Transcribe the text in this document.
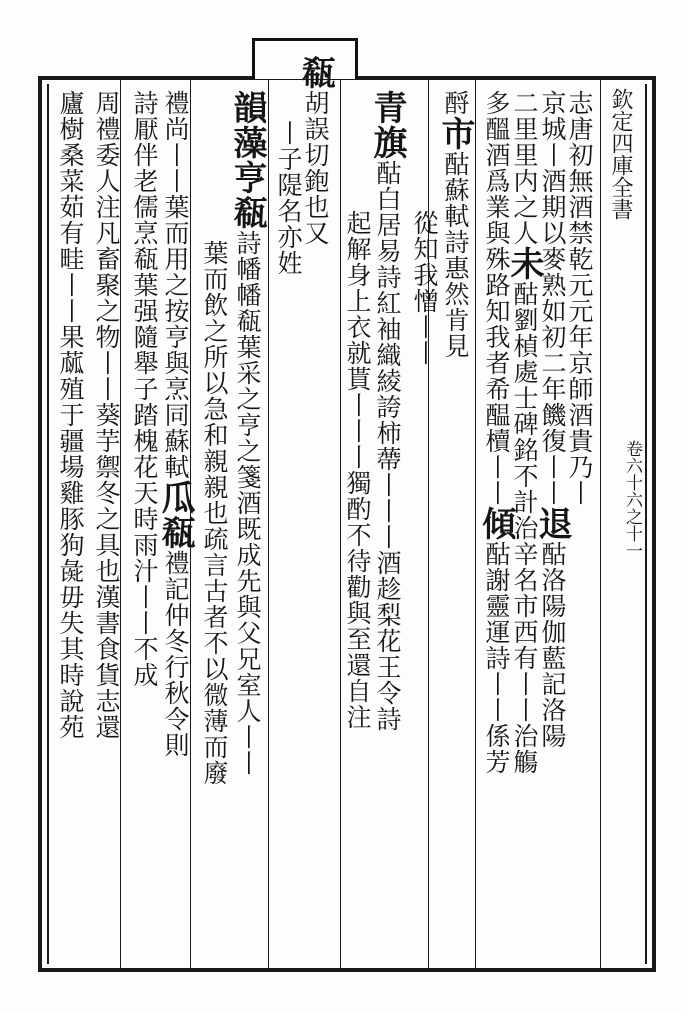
欽定四庫全書
卷六十六之十一
志唐初無酒禁乾元元年京師酒貴乃丨
京城丨酒期以麥熟如初二年饑復丨丨退酤洛陽伽藍記洛陽
二里里内之人未酤劉楨處士碑銘不計治辛名市西有丨丨治觴
多醞酒爲業與殊路知我者希醖櫝丨丨傾酤謝靈運詩丨丨係芳
酹市酤蘇軾詩惠然肯見
從知我憎丨丨
青旗酤白居易詩紅袖織綾誇柿蔕丨丨丨酒趁梨花王令詩
起解身上衣就貰丨丨丨獨酌不待勸與至還自注
瓻胡誤切鉋也又
丨子隄名亦姓
韻藻亨瓻詩幡幡瓻葉采之亨之箋酒既成先與父兄室人丨丨
葉而飲之所以急和親親也疏言古者不以微薄而廢
禮尚丨丨葉而用之按亨與烹同蘇軾瓜瓻禮記仲冬行秋令則
詩厭伴老儒烹瓻葉强隨舉子踏槐花天時雨汁丨丨不成
周禮委人注凡畜聚之物丨丨葵芋禦冬之具也漢書食貨志還
廬樹桑菜茹有畦丨丨果蓏殖于疆場雞豚狗彘毋失其時說苑
